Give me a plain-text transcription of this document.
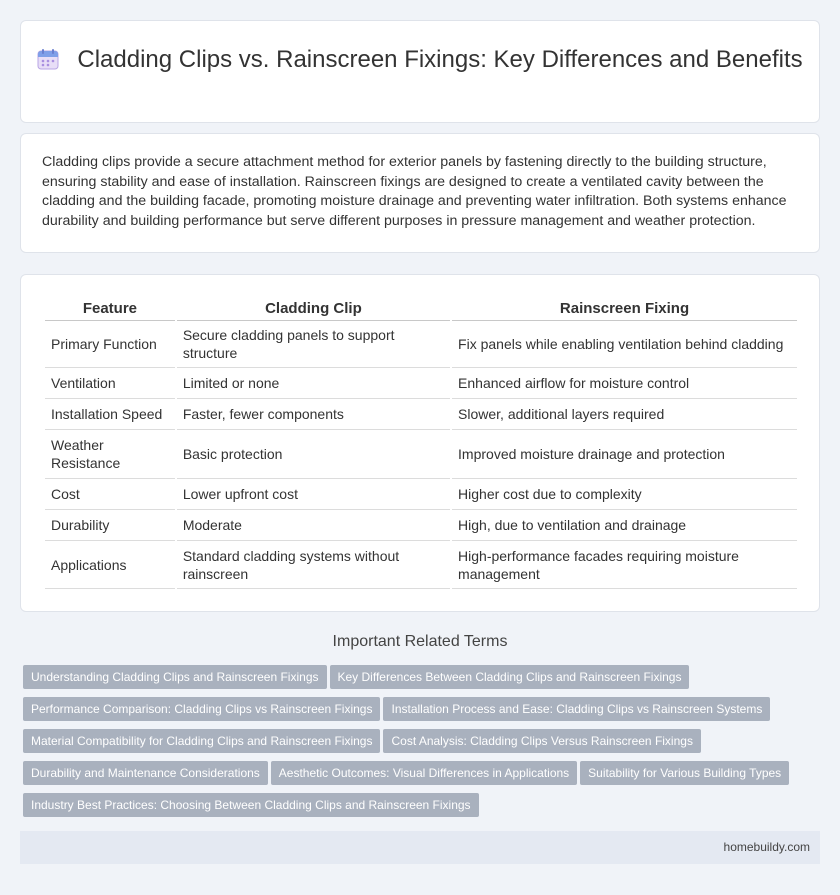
Cladding Clips vs. Rainscreen Fixings: Key Differences and Benefits

Cladding clips provide a secure attachment method for exterior panels by fastening directly to the building structure, ensuring stability and ease of installation. Rainscreen fixings are designed to create a ventilated cavity between the cladding and the building facade, promoting moisture drainage and preventing water infiltration. Both systems enhance durability and building performance but serve different purposes in pressure management and weather protection.

Feature	Cladding Clip	Rainscreen Fixing
Primary Function	Secure cladding panels to support structure	Fix panels while enabling ventilation behind cladding
Ventilation	Limited or none	Enhanced airflow for moisture control
Installation Speed	Faster, fewer components	Slower, additional layers required
Weather Resistance	Basic protection	Improved moisture drainage and protection
Cost	Lower upfront cost	Higher cost due to complexity
Durability	Moderate	High, due to ventilation and drainage
Applications	Standard cladding systems without rainscreen	High-performance facades requiring moisture management
Important Related Terms
Understanding Cladding Clips and Rainscreen Fixings Key Differences Between Cladding Clips and Rainscreen Fixings
Performance Comparison: Cladding Clips vs Rainscreen Fixings Installation Process and Ease: Cladding Clips vs Rainscreen Systems
Material Compatibility for Cladding Clips and Rainscreen Fixings Cost Analysis: Cladding Clips Versus Rainscreen Fixings
Durability and Maintenance Considerations Aesthetic Outcomes: Visual Differences in Applications Suitability for Various Building Types
Industry Best Practices: Choosing Between Cladding Clips and Rainscreen Fixings
homebuildy.com
